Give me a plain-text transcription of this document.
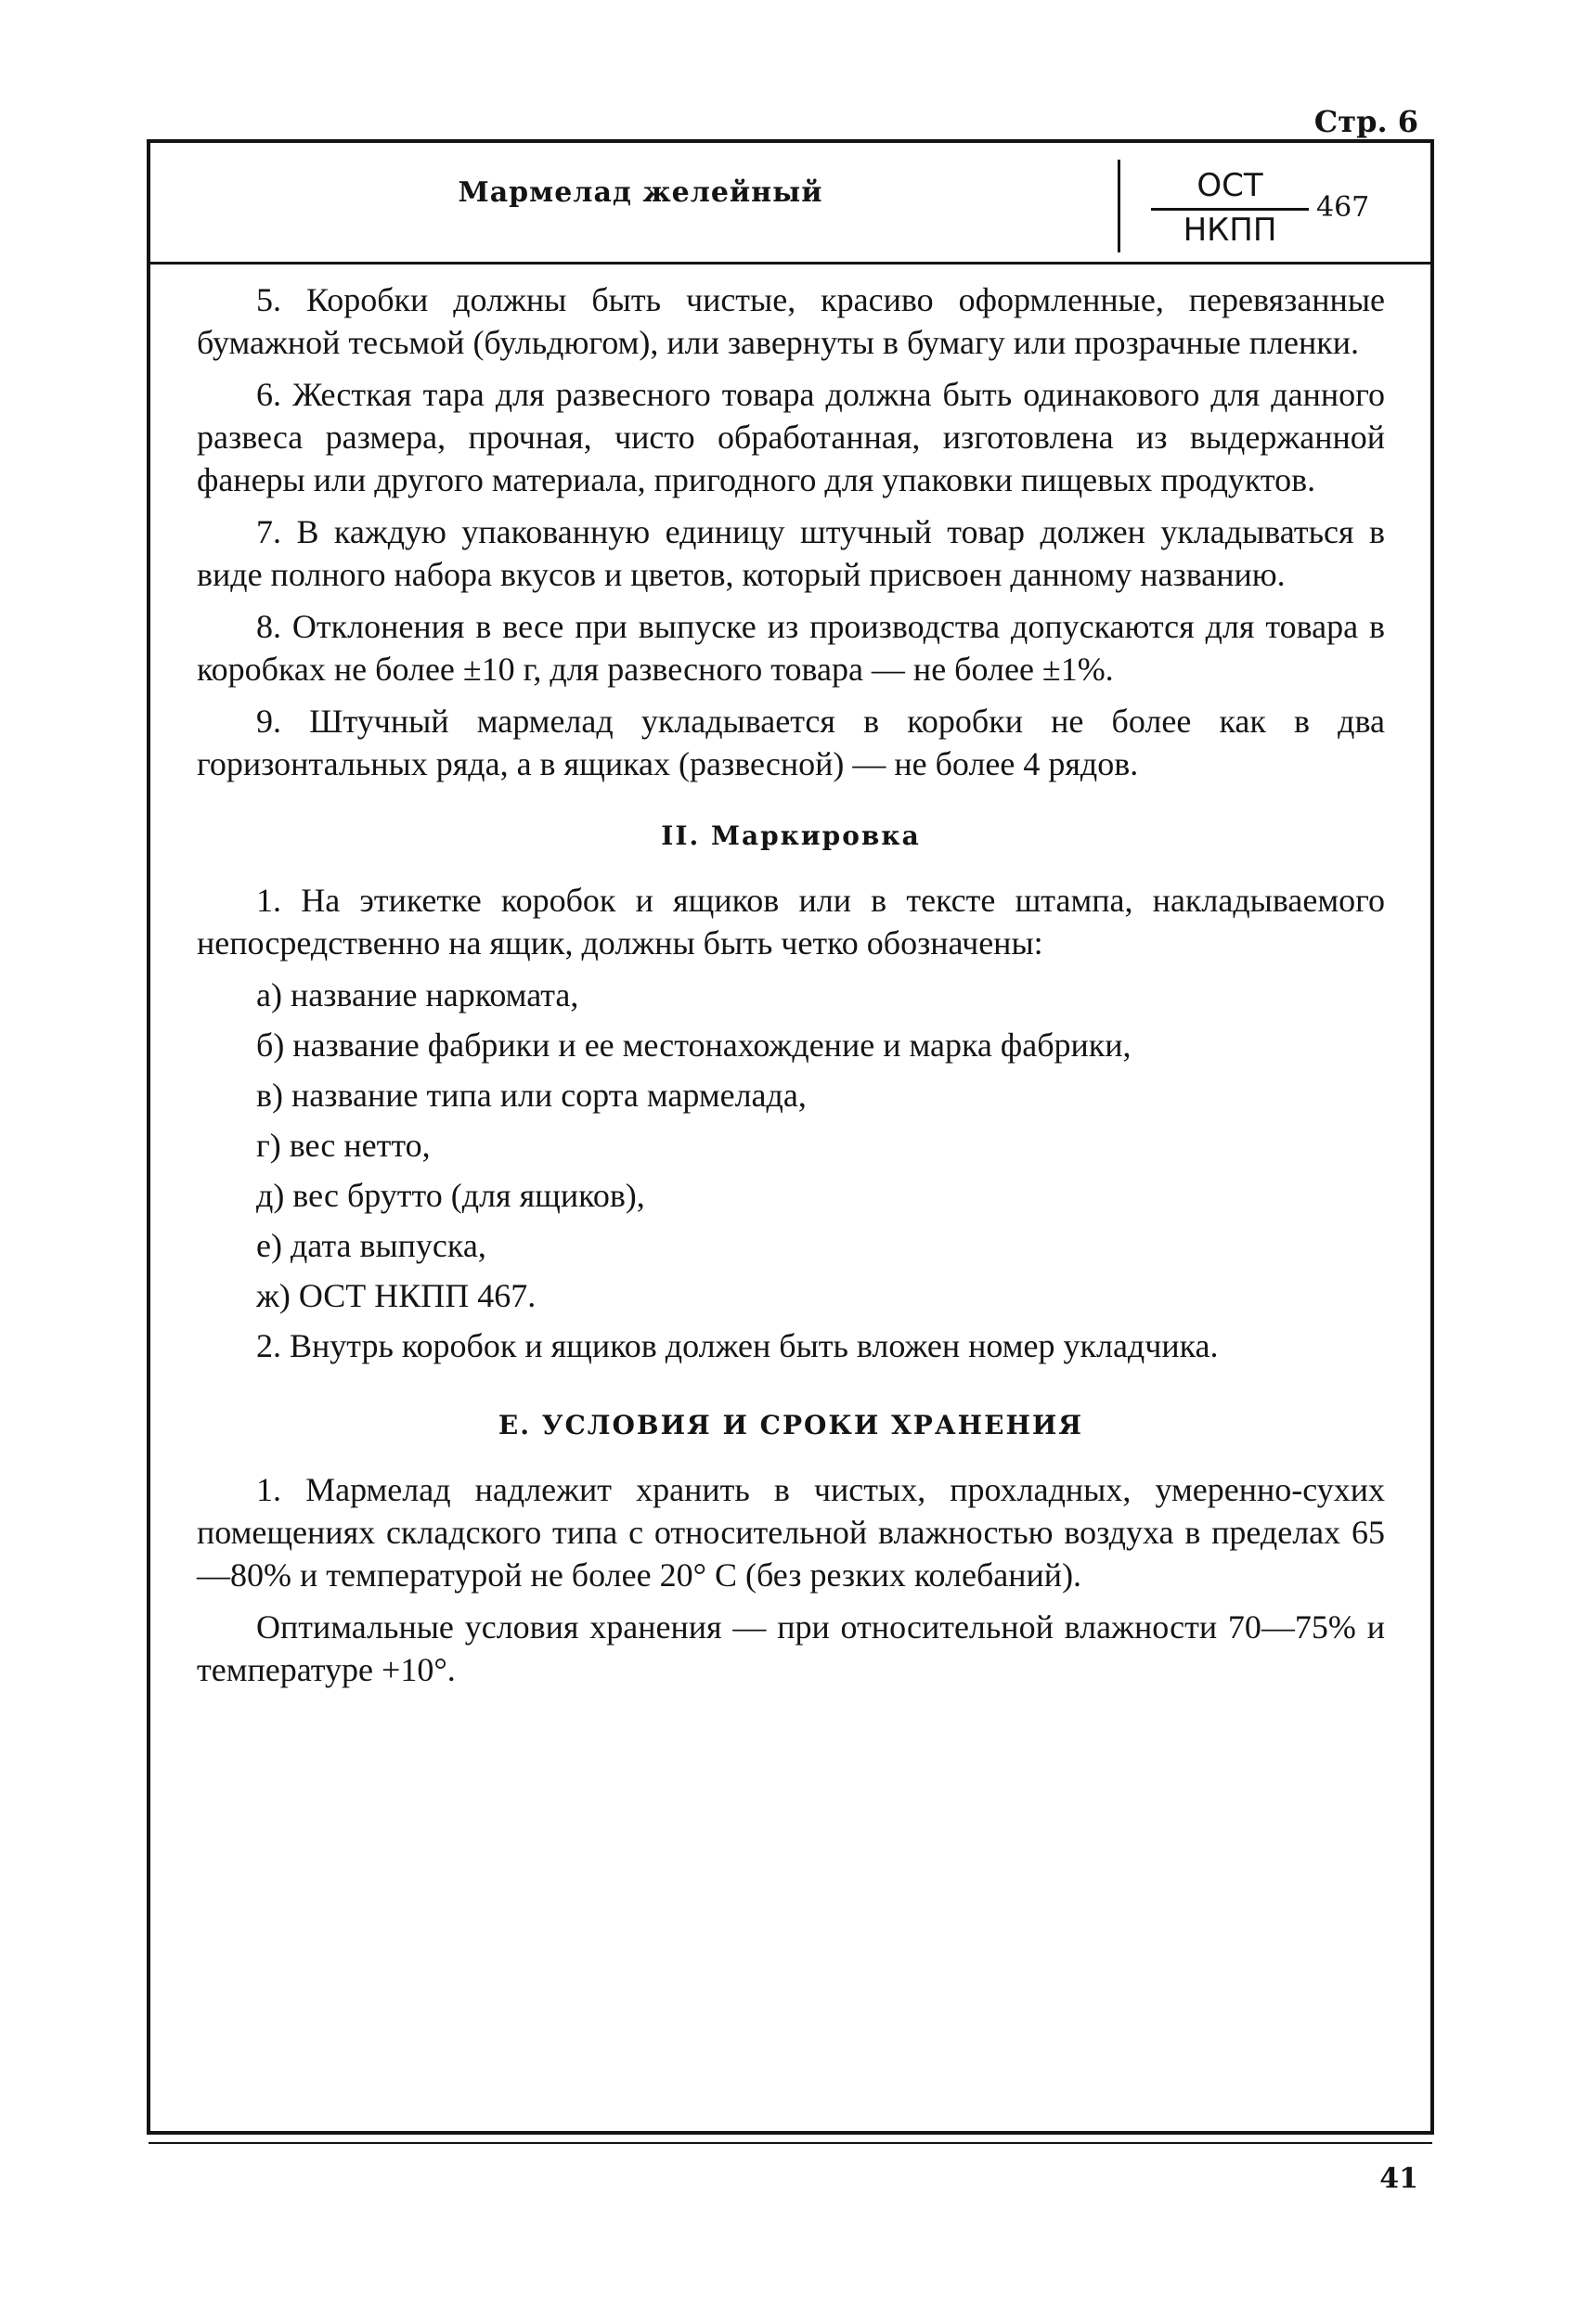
Стр. 6
Мармелад желейный	ОСТ
НКПП
467

5. Коробки должны быть чистые, красиво оформленные, перевязанные бумажной тесьмой (бульдюгом), или завернуты в бумагу или прозрачные пленки.

6. Жесткая тара для развесного товара должна быть одинакового для данного развеса размера, прочная, чисто обработанная, изготовлена из выдержанной фанеры или другого материала, пригодного для упаковки пищевых продуктов.

7. В каждую упакованную единицу штучный товар должен укладываться в виде полного набора вкусов и цветов, который присвоен данному названию.

8. Отклонения в весе при выпуске из производства допускаются для товара в коробках не более ±10 г, для развесного товара — не более ±1%.

9. Штучный мармелад укладывается в коробки не более как в два горизонтальных ряда, а в ящиках (развесной) — не более 4 рядов.

II. Маркировка

1. На этикетке коробок и ящиков или в тексте штампа, накладываемого непосредственно на ящик, должны быть четко обозначены:

а) название наркомата,

б) название фабрики и ее местонахождение и марка фабрики,

в) название типа или сорта мармелада,

г) вес нетто,

д) вес брутто (для ящиков),

е) дата выпуска,

ж) ОСТ НКПП 467.

2. Внутрь коробок и ящиков должен быть вложен номер укладчика.

Е. УСЛОВИЯ И СРОКИ ХРАНЕНИЯ

1. Мармелад надлежит хранить в чистых, прохладных, умеренно-сухих помещениях складского типа с относительной влажностью воздуха в пределах 65—80% и температурой не более 20° С (без резких колебаний).

Оптимальные условия хранения — при относительной влажности 70—75% и температуре +10°.

41
